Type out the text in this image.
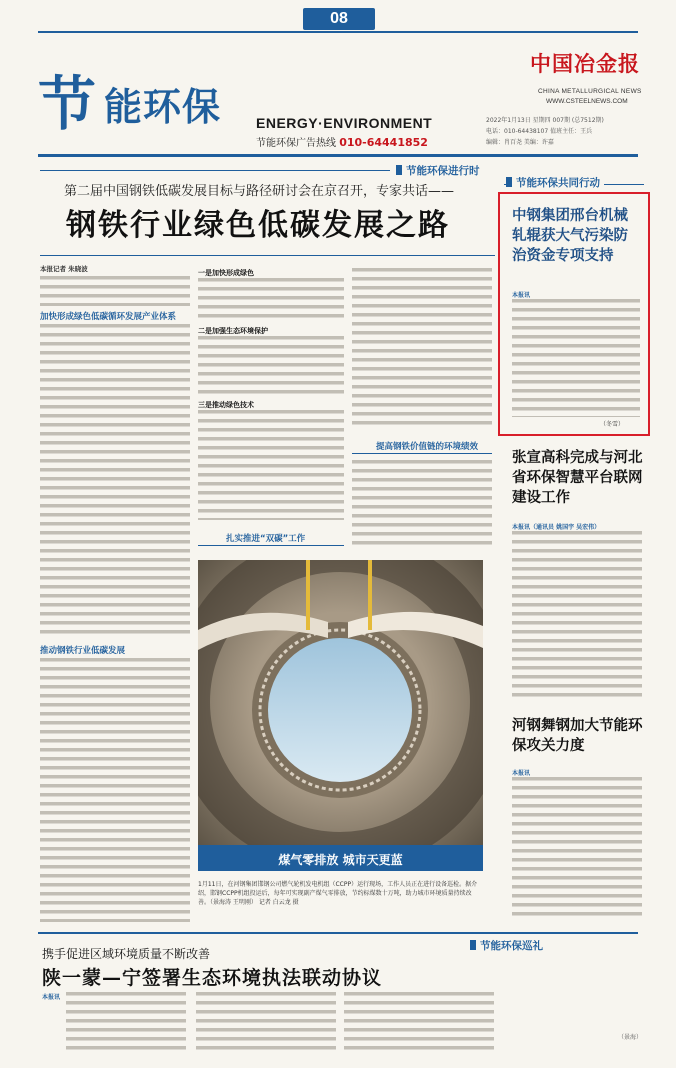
08
节 能环保 ENERGY·ENVIRONMENT
节能环保广告热线 010-64441852
中国冶金报
CHINA METALLURGICAL NEWS
WWW.CSTEELNEWS.COM
2022年1月13日 星期四 007期 (总7512期)
电话：010-64438107 值班主任：王兵
编辑：肖百尧 美编：许嘉
节能环保进行时
第二届中国钢铁低碳发展目标与路径研讨会在京召开，专家共话——
钢铁行业绿色低碳发展之路
本报记者 朱晓波
加快形成绿色低碳循环发展产业体系
推动钢铁行业低碳发展
一是加快形成绿色
二是加强生态环境保护
三是推动绿色技术
扎实推进“双碳”工作
提高钢铁价值链的环境绩效
煤气零排放 城市天更蓝
1月11日，在河钢集团邯钢公司燃气轮机发电机组（CCPP）运行现场，工作人员正在进行设备巡检。据介绍，邯钢CCPP机组投运后，每年可实现副产煤气零排放，节约标煤数十万吨，助力城市环境质量持续改善。（景海涛 王明刚） 记者 白云龙 摄
节能环保共同行动
中钢集团邢台机械轧辊获大气污染防治资金专项支持
本报讯
（冬雪）
张宣高科完成与河北省环保智慧平台联网建设工作
本报讯（通讯员 姚国宇 吴宏伟）
河钢舞钢加大节能环保攻关力度
本报讯
节能环保巡礼
携手促进区域环境质量不断改善
陕一蒙—宁签署生态环境执法联动协议
本报讯
（景海）
